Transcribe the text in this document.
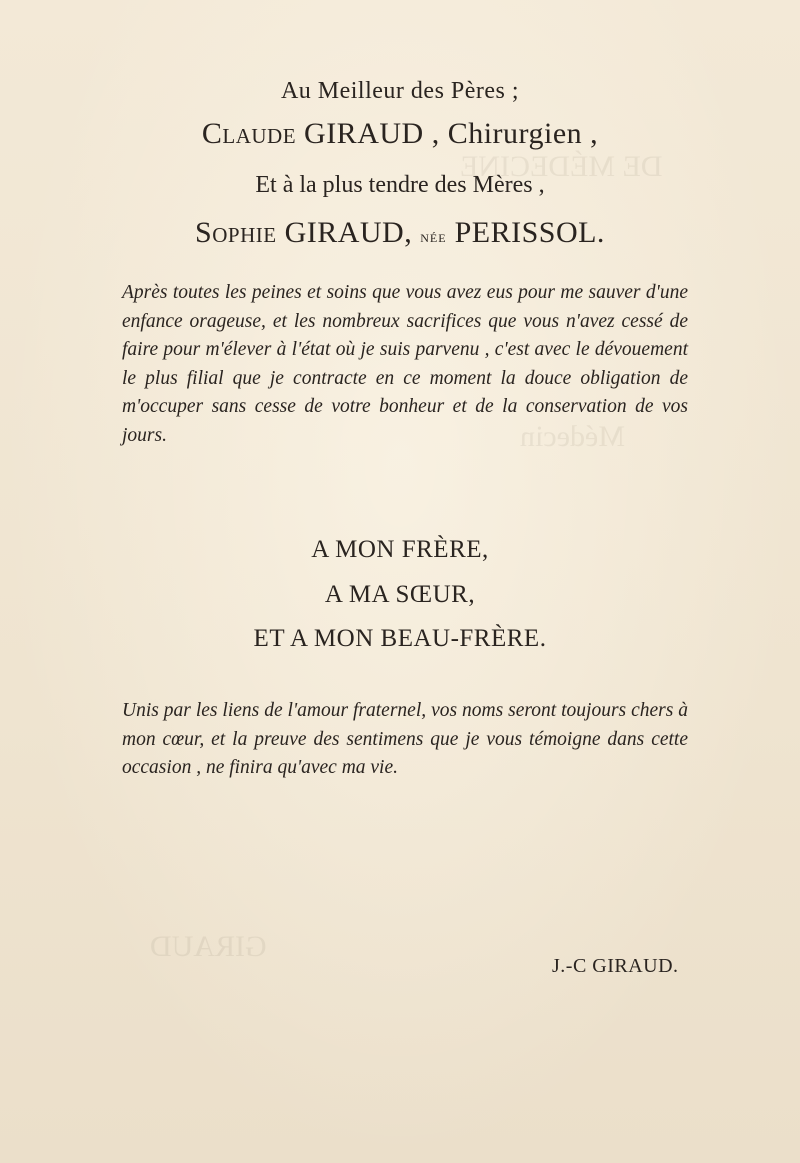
DE MÉDECINE
Médecin
GIRAUD
Au Meilleur des Pères ;
Claude GIRAUD , Chirurgien ,
Et à la plus tendre des Mères ,
Sophie GIRAUD, née PERISSOL.
Après toutes les peines et soins que vous avez eus pour me sauver d'une enfance orageuse, et les nombreux sacrifices que vous n'avez cessé de faire pour m'élever à l'état où je suis parvenu , c'est avec le dévouement le plus filial que je contracte en ce moment la douce obligation de m'occuper sans cesse de votre bonheur et de la conservation de vos jours.
A MON FRÈRE,
A MA SŒUR,
ET A MON BEAU-FRÈRE.
Unis par les liens de l'amour fraternel, vos noms seront toujours chers à mon cœur, et la preuve des sentimens que je vous témoigne dans cette occasion , ne finira qu'avec ma vie.
J.-C GIRAUD.
